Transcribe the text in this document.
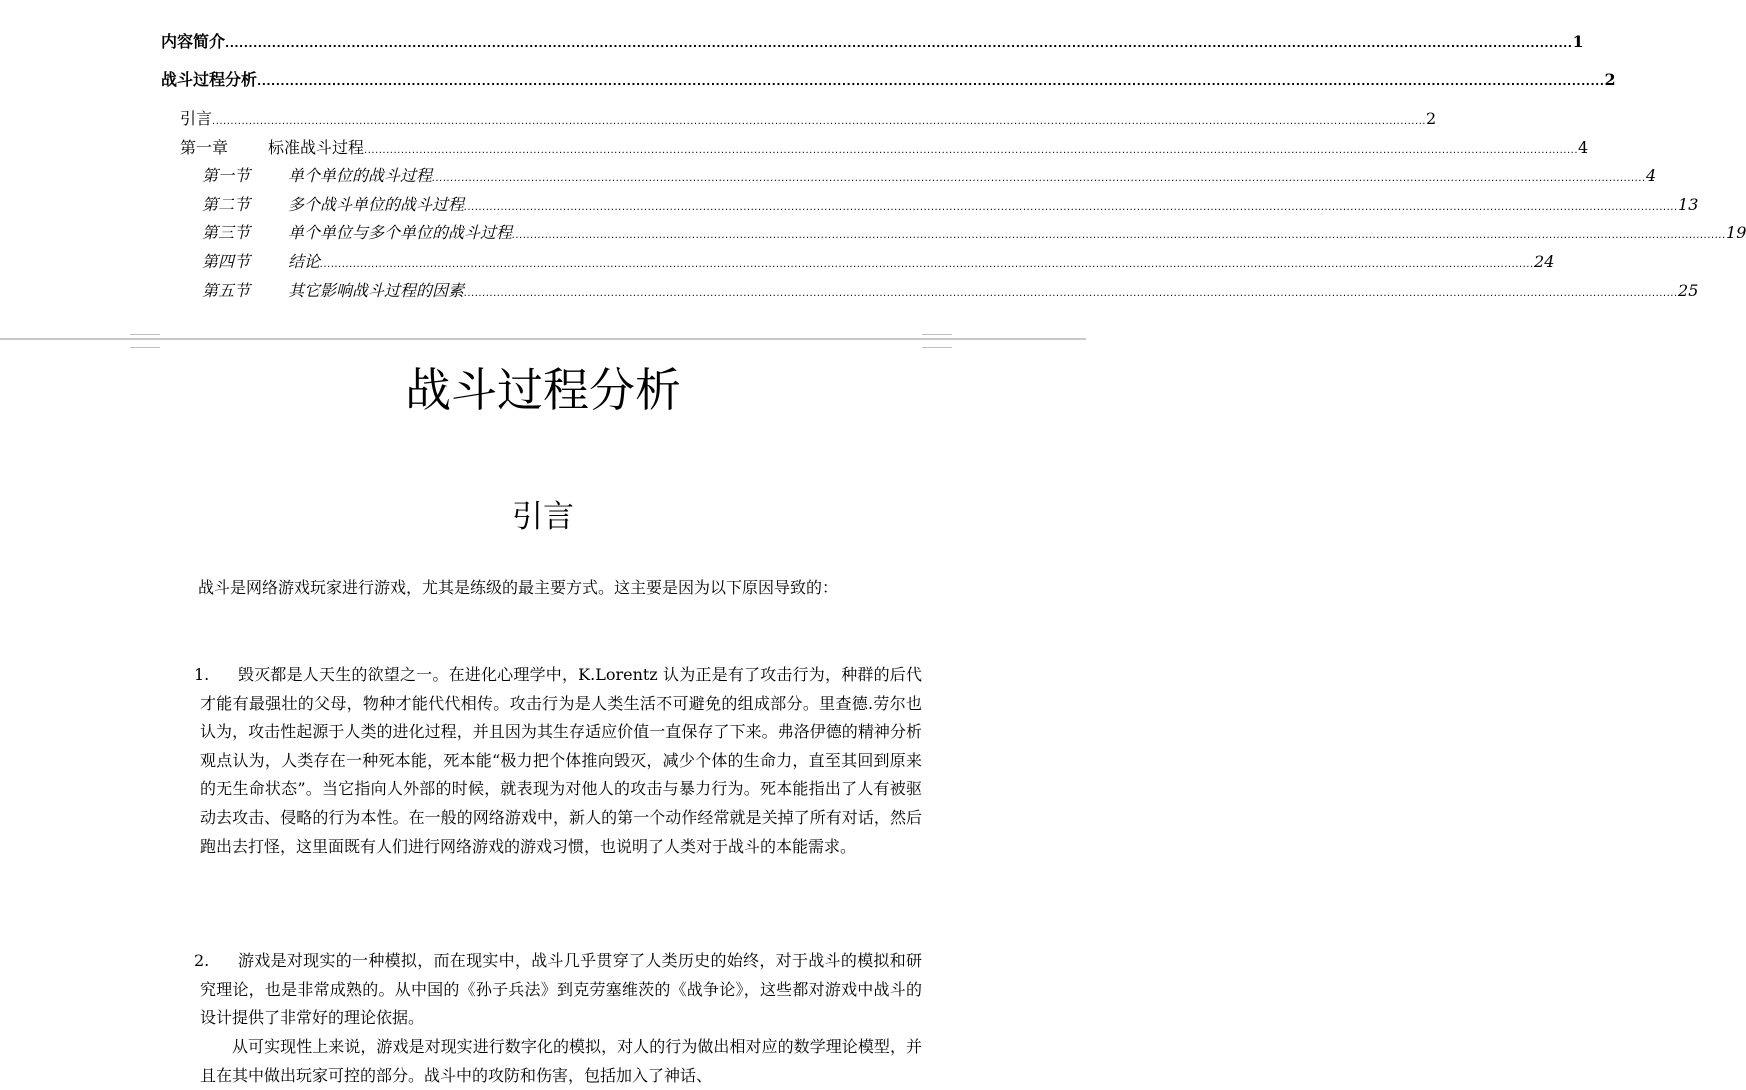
内容简介 ................................................................................................................................................................................................................................................................................................ 1
战斗过程分析 ................................................................................................................................................................................................................................................................................................ 2
引言 .......................................................................................................................................................................................................................................................................................................................................... 2
第一章	标准战斗过程 .......................................................................................................................................................................................................................................................................................................................................... 4
第一节 单个单位的战斗过程 .......................................................................................................................................................................................................................................................................................................................................... 4
第二节 多个战斗单位的战斗过程 .......................................................................................................................................................................................................................................................................................................................................... 13
第三节 单个单位与多个单位的战斗过程 .......................................................................................................................................................................................................................................................................................................................................... 19
第四节 结论 .......................................................................................................................................................................................................................................................................................................................................... 24
第五节 其它影响战斗过程的因素 .......................................................................................................................................................................................................................................................................................................................................... 25
战斗过程分析
引言

战斗是网络游戏玩家进行游戏，尤其是练级的最主要方式。这主要是因为以下原因导致的：

1.	毁灭都是人天生的欲望之一。在进化心理学中，K.Lorentz 认为正是有了攻击行为，种群的后代才能有最强壮的父母，物种才能代代相传。攻击行为是人类生活不可避免的组成部分。里查德.劳尔也认为，攻击性起源于人类的进化过程，并且因为其生存适应价值一直保存了下来。弗洛伊德的精神分析观点认为，人类存在一种死本能，死本能“极力把个体推向毁灭，减少个体的生命力，直至其回到原来的无生命状态”。当它指向人外部的时候，就表现为对他人的攻击与暴力行为。死本能指出了人有被驱动去攻击、侵略的行为本性。在一般的网络游戏中，新人的第一个动作经常就是关掉了所有对话，然后跑出去打怪，这里面既有人们进行网络游戏的游戏习惯，也说明了人类对于战斗的本能需求。

2.	游戏是对现实的一种模拟，而在现实中，战斗几乎贯穿了人类历史的始终，对于战斗的模拟和研究理论，也是非常成熟的。从中国的《孙子兵法》到克劳塞维茨的《战争论》，这些都对游戏中战斗的设计提供了非常好的理论依据。

从可实现性上来说，游戏是对现实进行数字化的模拟，对人的行为做出相对应的数学理论模型，并且在其中做出玩家可控的部分。战斗中的攻防和伤害，包括加入了神话、
